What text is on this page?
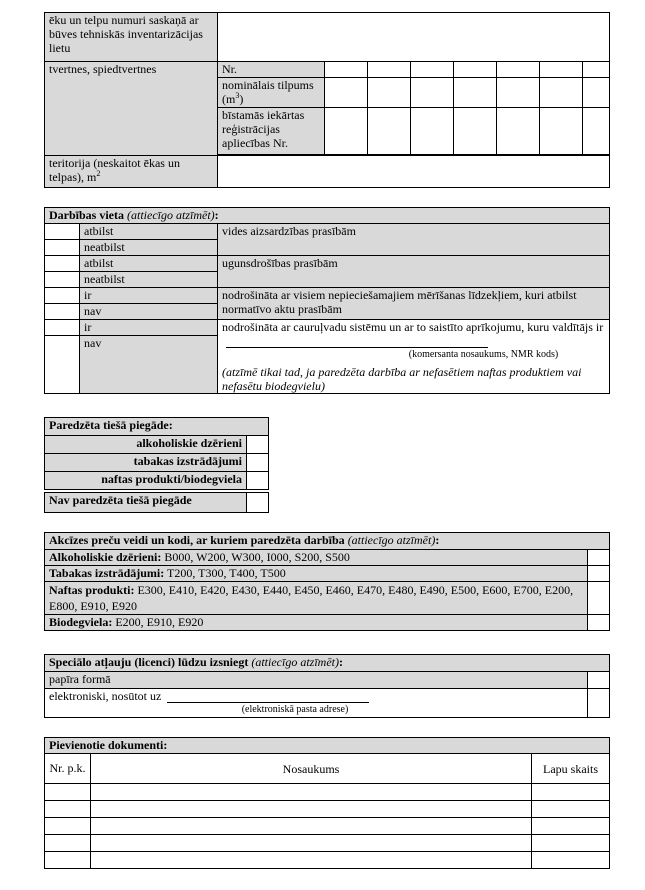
ēku un telpu numuri saskaņā ar būves tehniskās inventarizācijas lietu								
tvertnes, spiedtvertnes	Nr.							
	nominālais tilpums $(m^3)$							
	bīstamās iekārtas reģistrācijas apliecības Nr.							

teritorija (neskaitot ēkas un telpas), $m^2$	
Darbības vieta (attiecīgo atzīmēt):		
	atbilst	vides aizsardzības prasībām
	neatbilst	
	atbilst	ugunsdrošības prasībām
	neatbilst	
	ir	nodrošināta ar visiem nepieciešamajiem mērīšanas līdzekļiem, kuri atbilst normatīvo aktu prasībām
	nav	
	ir	nodrošināta ar cauruļvadu sistēmu un ar to saistīto aprīkojumu, kuru valdītājs ir
(komersanta nosaukums, NMR kods)
(atzīmē tikai tad, ja paredzēta darbība ar nefasētiem naftas produktiem vai nefasētu biodegvielu)

	nav	
Paredzēta tiešā piegāde:	
alkoholiskie dzērieni	
tabakas izstrādājumi	
naftas produkti/biodegviela	
Nav paredzēta tiešā piegāde	
Akcīzes preču veidi un kodi, ar kuriem paredzēta darbība (attiecīgo atzīmēt):	
Alkoholiskie dzērieni: B000, W200, W300, I000, S200, S500	
Tabakas izstrādājumi: T200, T300, T400, T500	
Naftas produkti: E300, E410, E420, E430, E440, E450, E460, E470, E480, E490, E500, E600, E700, E200, E800, E910, E920	
Biodegviela: E200, E910, E920	
Speciālo atļauju (licenci) lūdzu izsniegt (attiecīgo atzīmēt):	
papīra formā	
elektroniski, nosūtot uz
(elektroniskā pasta adrese)	

Pievienotie dokumenti:		
Nr. p.k.	Nosaukums	Lapu skaits
